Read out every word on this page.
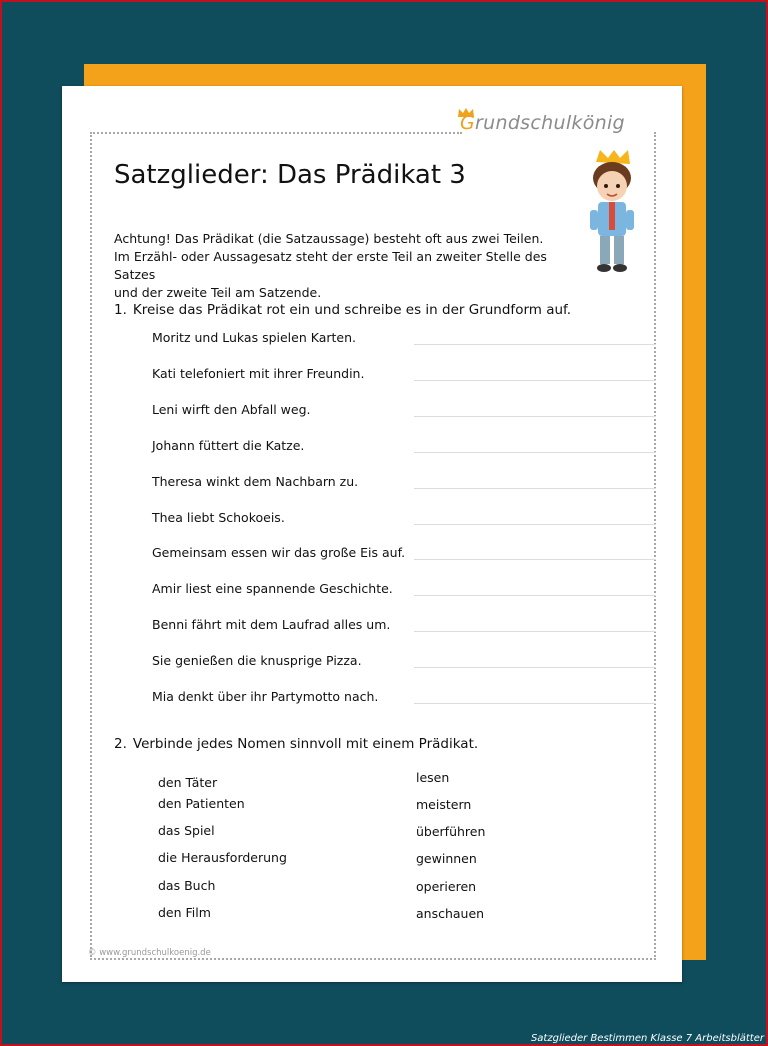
Grundschulkönig
Satzglieder: Das Prädikat 3
Achtung! Das Prädikat (die Satzaussage) besteht oft aus zwei Teilen.
Im Erzähl- oder Aussagesatz steht der erste Teil an zweiter Stelle des Satzes
und der zweite Teil am Satzende.
1. Kreise das Prädikat rot ein und schreibe es in der Grundform auf.
Moritz und Lukas spielen Karten.
Kati telefoniert mit ihrer Freundin.
Leni wirft den Abfall weg.
Johann füttert die Katze.
Theresa winkt dem Nachbarn zu.
Thea liebt Schokoeis.
Gemeinsam essen wir das große Eis auf.
Amir liest eine spannende Geschichte.
Benni fährt mit dem Laufrad alles um.
Sie genießen die knusprige Pizza.
Mia denkt über ihr Partymotto nach.
2. Verbinde jedes Nomen sinnvoll mit einem Prädikat.
den Täter
den Patienten
das Spiel
die Herausforderung
das Buch
den Film
lesen
meistern
überführen
gewinnen
operieren
anschauen
© www.grundschulkoenig.de
Satzglieder Bestimmen Klasse 7 Arbeitsblätter
